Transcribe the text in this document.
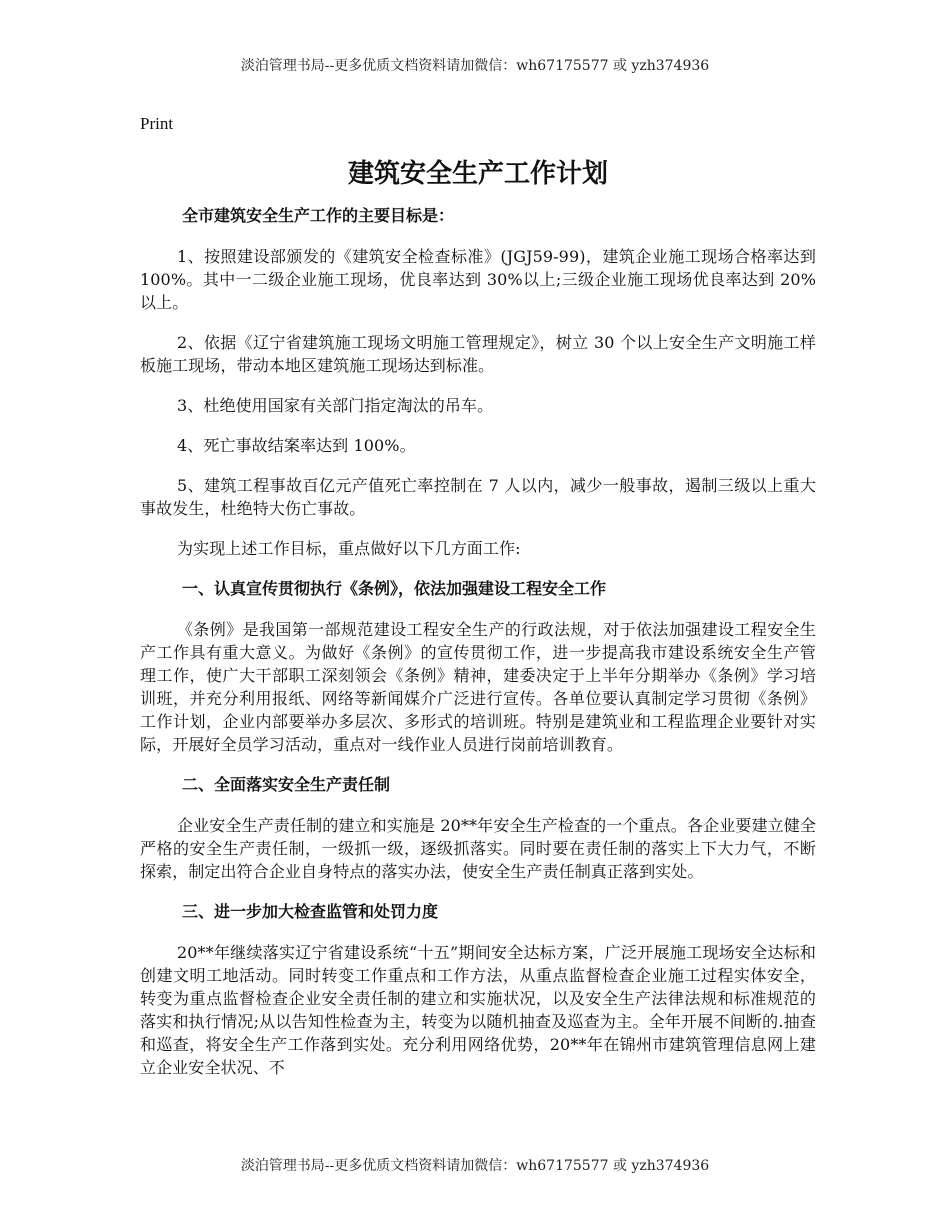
淡泊管理书局--更多优质文档资料请加微信：wh67175577 或 yzh374936

Print

建筑安全生产工作计划

全市建筑安全生产工作的主要目标是：

1、按照建设部颁发的《建筑安全检查标准》(JGJ59-99)，建筑企业施工现场合格率达到 100%。其中一二级企业施工现场，优良率达到 30%以上;三级企业施工现场优良率达到 20%以上。

2、依据《辽宁省建筑施工现场文明施工管理规定》，树立 30 个以上安全生产文明施工样板施工现场，带动本地区建筑施工现场达到标准。

3、杜绝使用国家有关部门指定淘汰的吊车。

4、死亡事故结案率达到 100%。

5、建筑工程事故百亿元产值死亡率控制在 7 人以内，减少一般事故，遏制三级以上重大事故发生，杜绝特大伤亡事故。

为实现上述工作目标，重点做好以下几方面工作:

一、认真宣传贯彻执行《条例》，依法加强建设工程安全工作

《条例》是我国第一部规范建设工程安全生产的行政法规，对于依法加强建设工程安全生产工作具有重大意义。为做好《条例》的宣传贯彻工作，进一步提高我市建设系统安全生产管理工作，使广大干部职工深刻领会《条例》精神，建委决定于上半年分期举办《条例》学习培训班，并充分利用报纸、网络等新闻媒介广泛进行宣传。各单位要认真制定学习贯彻《条例》 工作计划，企业内部要举办多层次、多形式的培训班。特别是建筑业和工程监理企业要针对实际，开展好全员学习活动，重点对一线作业人员进行岗前培训教育。

二、全面落实安全生产责任制

企业安全生产责任制的建立和实施是 20**年安全生产检查的一个重点。各企业要建立健全严格的安全生产责任制，一级抓一级，逐级抓落实。同时要在责任制的落实上下大力气，不断探索，制定出符合企业自身特点的落实办法，使安全生产责任制真正落到实处。

三、进一步加大检查监管和处罚力度

20**年继续落实辽宁省建设系统“十五”期间安全达标方案，广泛开展施工现场安全达标和创建文明工地活动。同时转变工作重点和工作方法，从重点监督检查企业施工过程实体安全，转变为重点监督检查企业安全责任制的建立和实施状况，以及安全生产法律法规和标准规范的落实和执行情况;从以告知性检查为主，转变为以随机抽查及巡查为主。全年开展不间断的.抽查和巡查，将安全生产工作落到实处。充分利用网络优势，20**年在锦州市建筑管理信息网上建立企业安全状况、不

淡泊管理书局--更多优质文档资料请加微信：wh67175577 或 yzh374936
